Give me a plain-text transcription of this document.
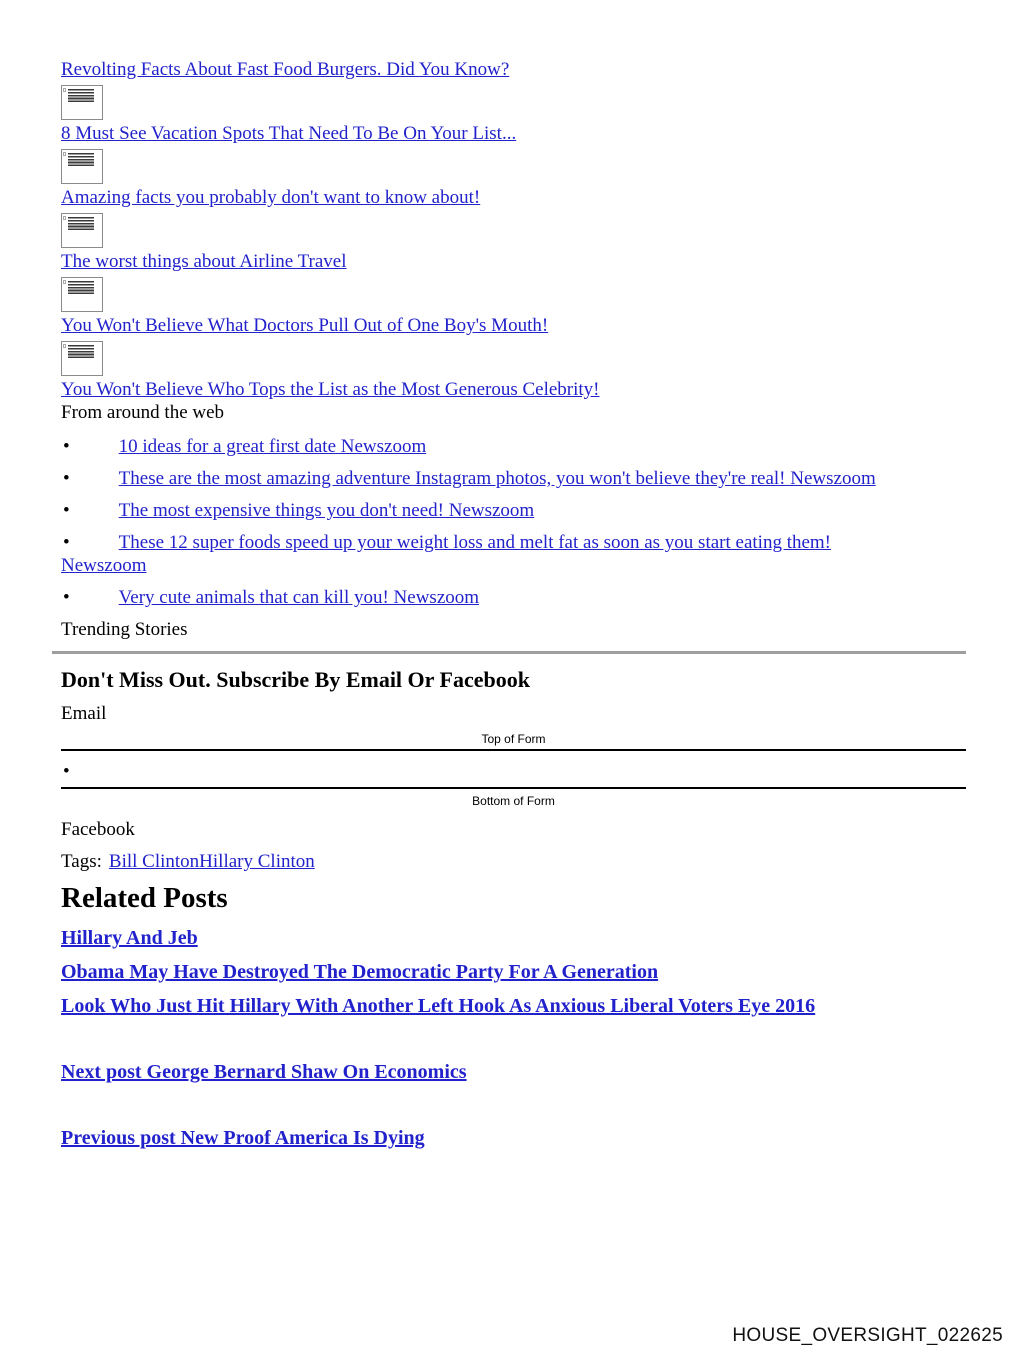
Revolting Facts About Fast Food Burgers. Did You Know?
8 Must See Vacation Spots That Need To Be On Your List...
Amazing facts you probably don't want to know about!
The worst things about Airline Travel
You Won't Believe What Doctors Pull Out of One Boy's Mouth!
You Won't Believe Who Tops the List as the Most Generous Celebrity!
From around the web
•	10 ideas for a great first date Newszoom
•	These are the most amazing adventure Instagram photos, you won't believe they're real! Newszoom
•	The most expensive things you don't need! Newszoom
•	These 12 super foods speed up your weight loss and melt fat as soon as you start eating them!
Newszoom
•	Very cute animals that can kill you! Newszoom
Trending Stories
Don't Miss Out. Subscribe By Email Or Facebook
Email
Top of Form
•
Bottom of Form
Facebook
Tags: Bill ClintonHillary Clinton
Related Posts
Hillary And Jeb
Obama May Have Destroyed The Democratic Party For A Generation
Look Who Just Hit Hillary With Another Left Hook As Anxious Liberal Voters Eye 2016
Next post George Bernard Shaw On Economics
Previous post New Proof America Is Dying
HOUSE_OVERSIGHT_022625
